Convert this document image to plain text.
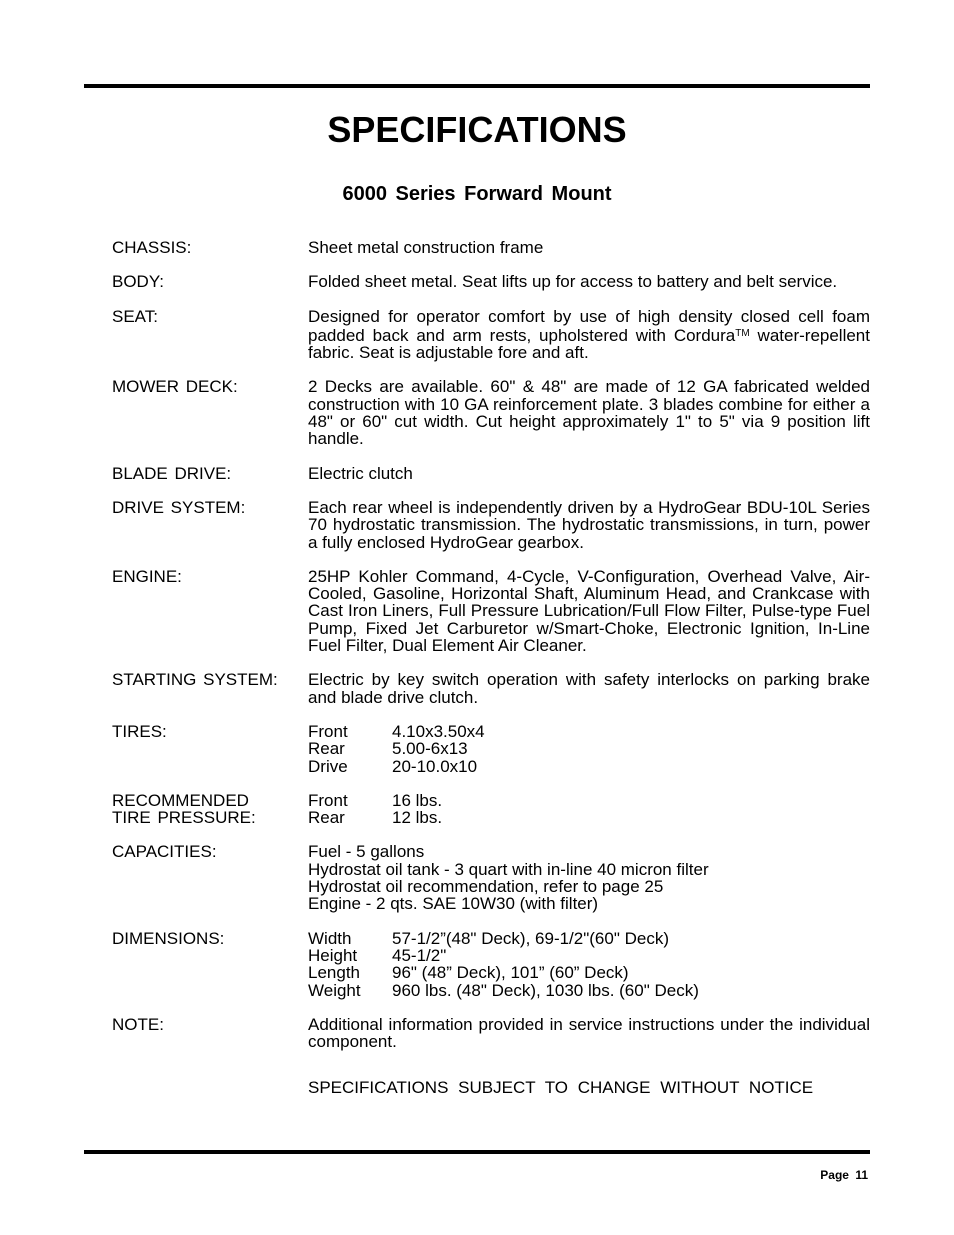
SPECIFICATIONS
6000 Series Forward Mount
CHASSIS:	Sheet metal construction frame
BODY:	Folded sheet metal. Seat lifts up for access to battery and belt service.
SEAT:	Designed for operator comfort by use of high density closed cell foam padded back and arm rests, upholstered with Cordura™ water-repellent fabric. Seat is adjustable fore and aft.
MOWER DECK:	2 Decks are available. 60" & 48" are made of 12 GA fabricated welded construction with 10 GA reinforcement plate. 3 blades combine for either a 48" or 60" cut width. Cut height approximately 1" to 5" via 9 position lift handle.
BLADE DRIVE:	Electric clutch
DRIVE SYSTEM:	Each rear wheel is independently driven by a HydroGear BDU-10L Series 70 hydrostatic transmission. The hydrostatic transmissions, in turn, power a fully enclosed HydroGear gearbox.
ENGINE:	25HP Kohler Command, 4-Cycle, V-Configuration, Overhead Valve, Air-Cooled, Gasoline, Horizontal Shaft, Aluminum Head, and Crankcase with Cast Iron Liners, Full Pressure Lubrication/Full Flow Filter, Pulse-type Fuel Pump, Fixed Jet Carburetor w/Smart-Choke, Electronic Ignition, In-Line Fuel Filter, Dual Element Air Cleaner.
STARTING SYSTEM:	Electric by key switch operation with safety interlocks on parking brake and blade drive clutch.
TIRES:	Front	4.10x3.50x4
Rear	5.00-6x13
Drive	20-10.0x10
RECOMMENDED
TIRE PRESSURE:
Front	16 lbs.
Rear	12 lbs.
CAPACITIES:	Fuel - 5 gallons
Hydrostat oil tank - 3 quart with in-line 40 micron filter
Hydrostat oil recommendation, refer to page 25
Engine - 2 qts. SAE 10W30 (with filter)
DIMENSIONS:	Width	57-1/2”(48" Deck), 69-1/2"(60" Deck)
Height	45-1/2"
Length	96" (48” Deck), 101” (60” Deck)
Weight	960 lbs. (48" Deck), 1030 lbs. (60" Deck)
NOTE:	Additional information provided in service instructions under the individual component.
SPECIFICATIONS SUBJECT TO CHANGE WITHOUT NOTICE
Page 11
